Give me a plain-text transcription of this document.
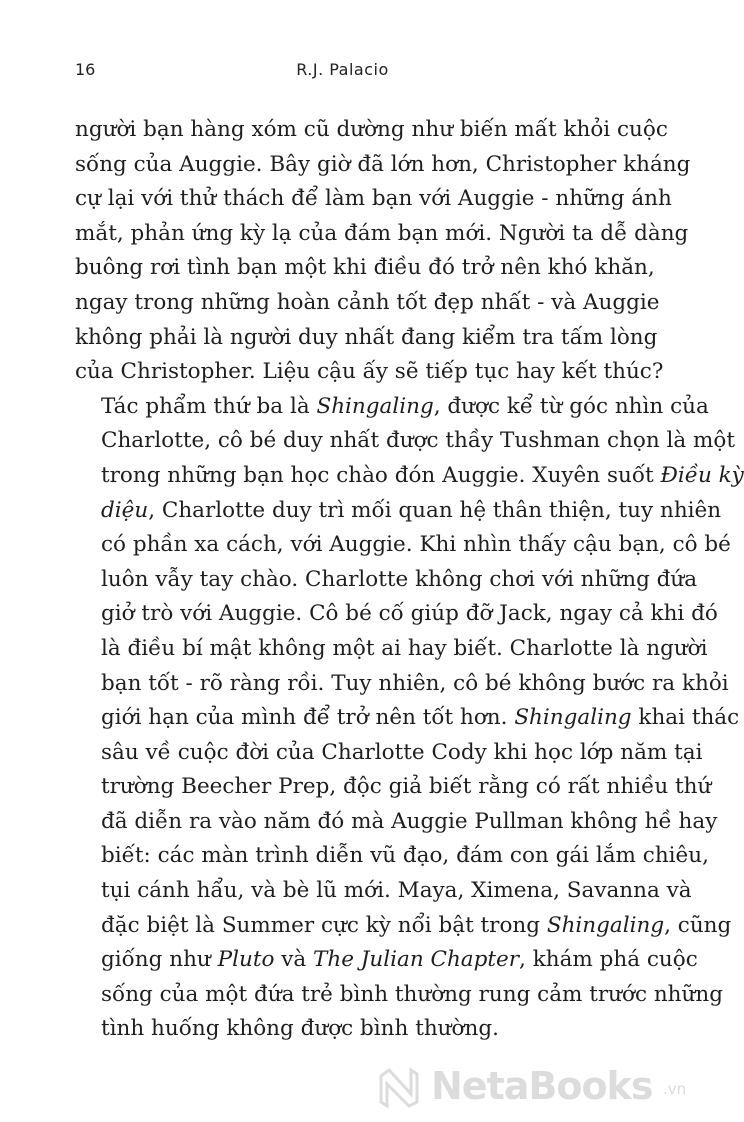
16	R.J. Palacio

người bạn hàng xóm cũ dường như biến mất khỏi cuộc
sống của Auggie. Bây giờ đã lớn hơn, Christopher kháng
cự lại với thử thách để làm bạn với Auggie - những ánh
mắt, phản ứng kỳ lạ của đám bạn mới. Người ta dễ dàng
buông rơi tình bạn một khi điều đó trở nên khó khăn,
ngay trong những hoàn cảnh tốt đẹp nhất - và Auggie
không phải là người duy nhất đang kiểm tra tấm lòng
của Christopher. Liệu cậu ấy sẽ tiếp tục hay kết thúc?

Tác phẩm thứ ba là Shingaling, được kể từ góc nhìn của
Charlotte, cô bé duy nhất được thầy Tushman chọn là một
trong những bạn học chào đón Auggie. Xuyên suốt Điều kỳ
diệu, Charlotte duy trì mối quan hệ thân thiện, tuy nhiên
có phần xa cách, với Auggie. Khi nhìn thấy cậu bạn, cô bé
luôn vẫy tay chào. Charlotte không chơi với những đứa
giở trò với Auggie. Cô bé cố giúp đỡ Jack, ngay cả khi đó
là điều bí mật không một ai hay biết. Charlotte là người
bạn tốt - rõ ràng rồi. Tuy nhiên, cô bé không bước ra khỏi
giới hạn của mình để trở nên tốt hơn. Shingaling khai thác
sâu về cuộc đời của Charlotte Cody khi học lớp năm tại
trường Beecher Prep, độc giả biết rằng có rất nhiều thứ
đã diễn ra vào năm đó mà Auggie Pullman không hề hay
biết: các màn trình diễn vũ đạo, đám con gái lắm chiêu,
tụi cánh hẩu, và bè lũ mới. Maya, Ximena, Savanna và
đặc biệt là Summer cực kỳ nổi bật trong Shingaling, cũng
giống như Pluto và The Julian Chapter, khám phá cuộc
sống của một đứa trẻ bình thường rung cảm trước những
tình huống không được bình thường.

NetaBooks .vn
